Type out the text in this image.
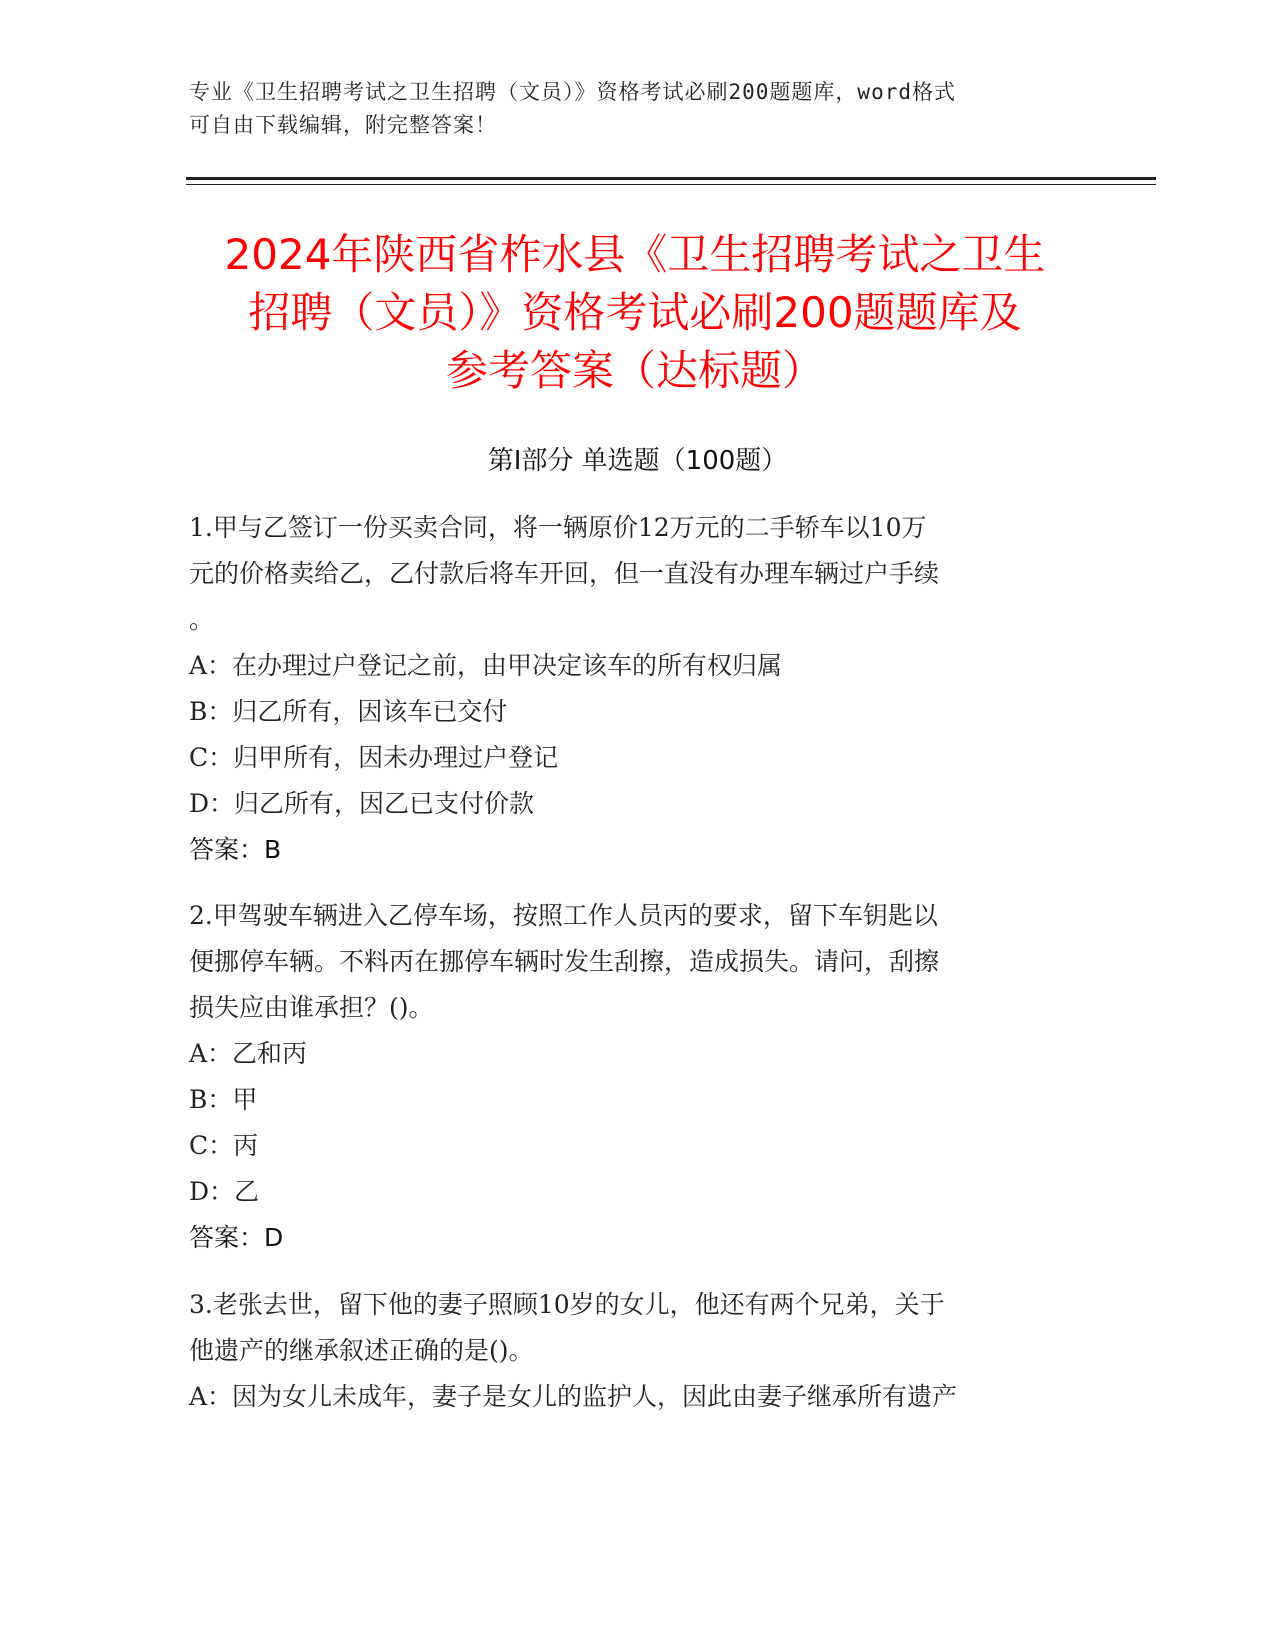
专业《卫生招聘考试之卫生招聘（文员）》资格考试必刷200题题库，word格式
可自由下载编辑，附完整答案！
2024年陕西省柞水县《卫生招聘考试之卫生
招聘（文员）》资格考试必刷200题题库及
参考答案（达标题）
第Ⅰ部分 单选题（100题）
1.甲与乙签订一份买卖合同，将一辆原价12万元的二手轿车以10万
元的价格卖给乙，乙付款后将车开回，但一直没有办理车辆过户手续
。
A：在办理过户登记之前，由甲决定该车的所有权归属
B：归乙所有，因该车已交付
C：归甲所有，因未办理过户登记
D：归乙所有，因乙已支付价款
答案：B
2.甲驾驶车辆进入乙停车场，按照工作人员丙的要求，留下车钥匙以
便挪停车辆。不料丙在挪停车辆时发生刮擦，造成损失。请问，刮擦
损失应由谁承担？()。
A：乙和丙
B：甲
C：丙
D：乙
答案：D
3.老张去世，留下他的妻子照顾10岁的女儿，他还有两个兄弟，关于
他遗产的继承叙述正确的是()。
A：因为女儿未成年，妻子是女儿的监护人，因此由妻子继承所有遗产
